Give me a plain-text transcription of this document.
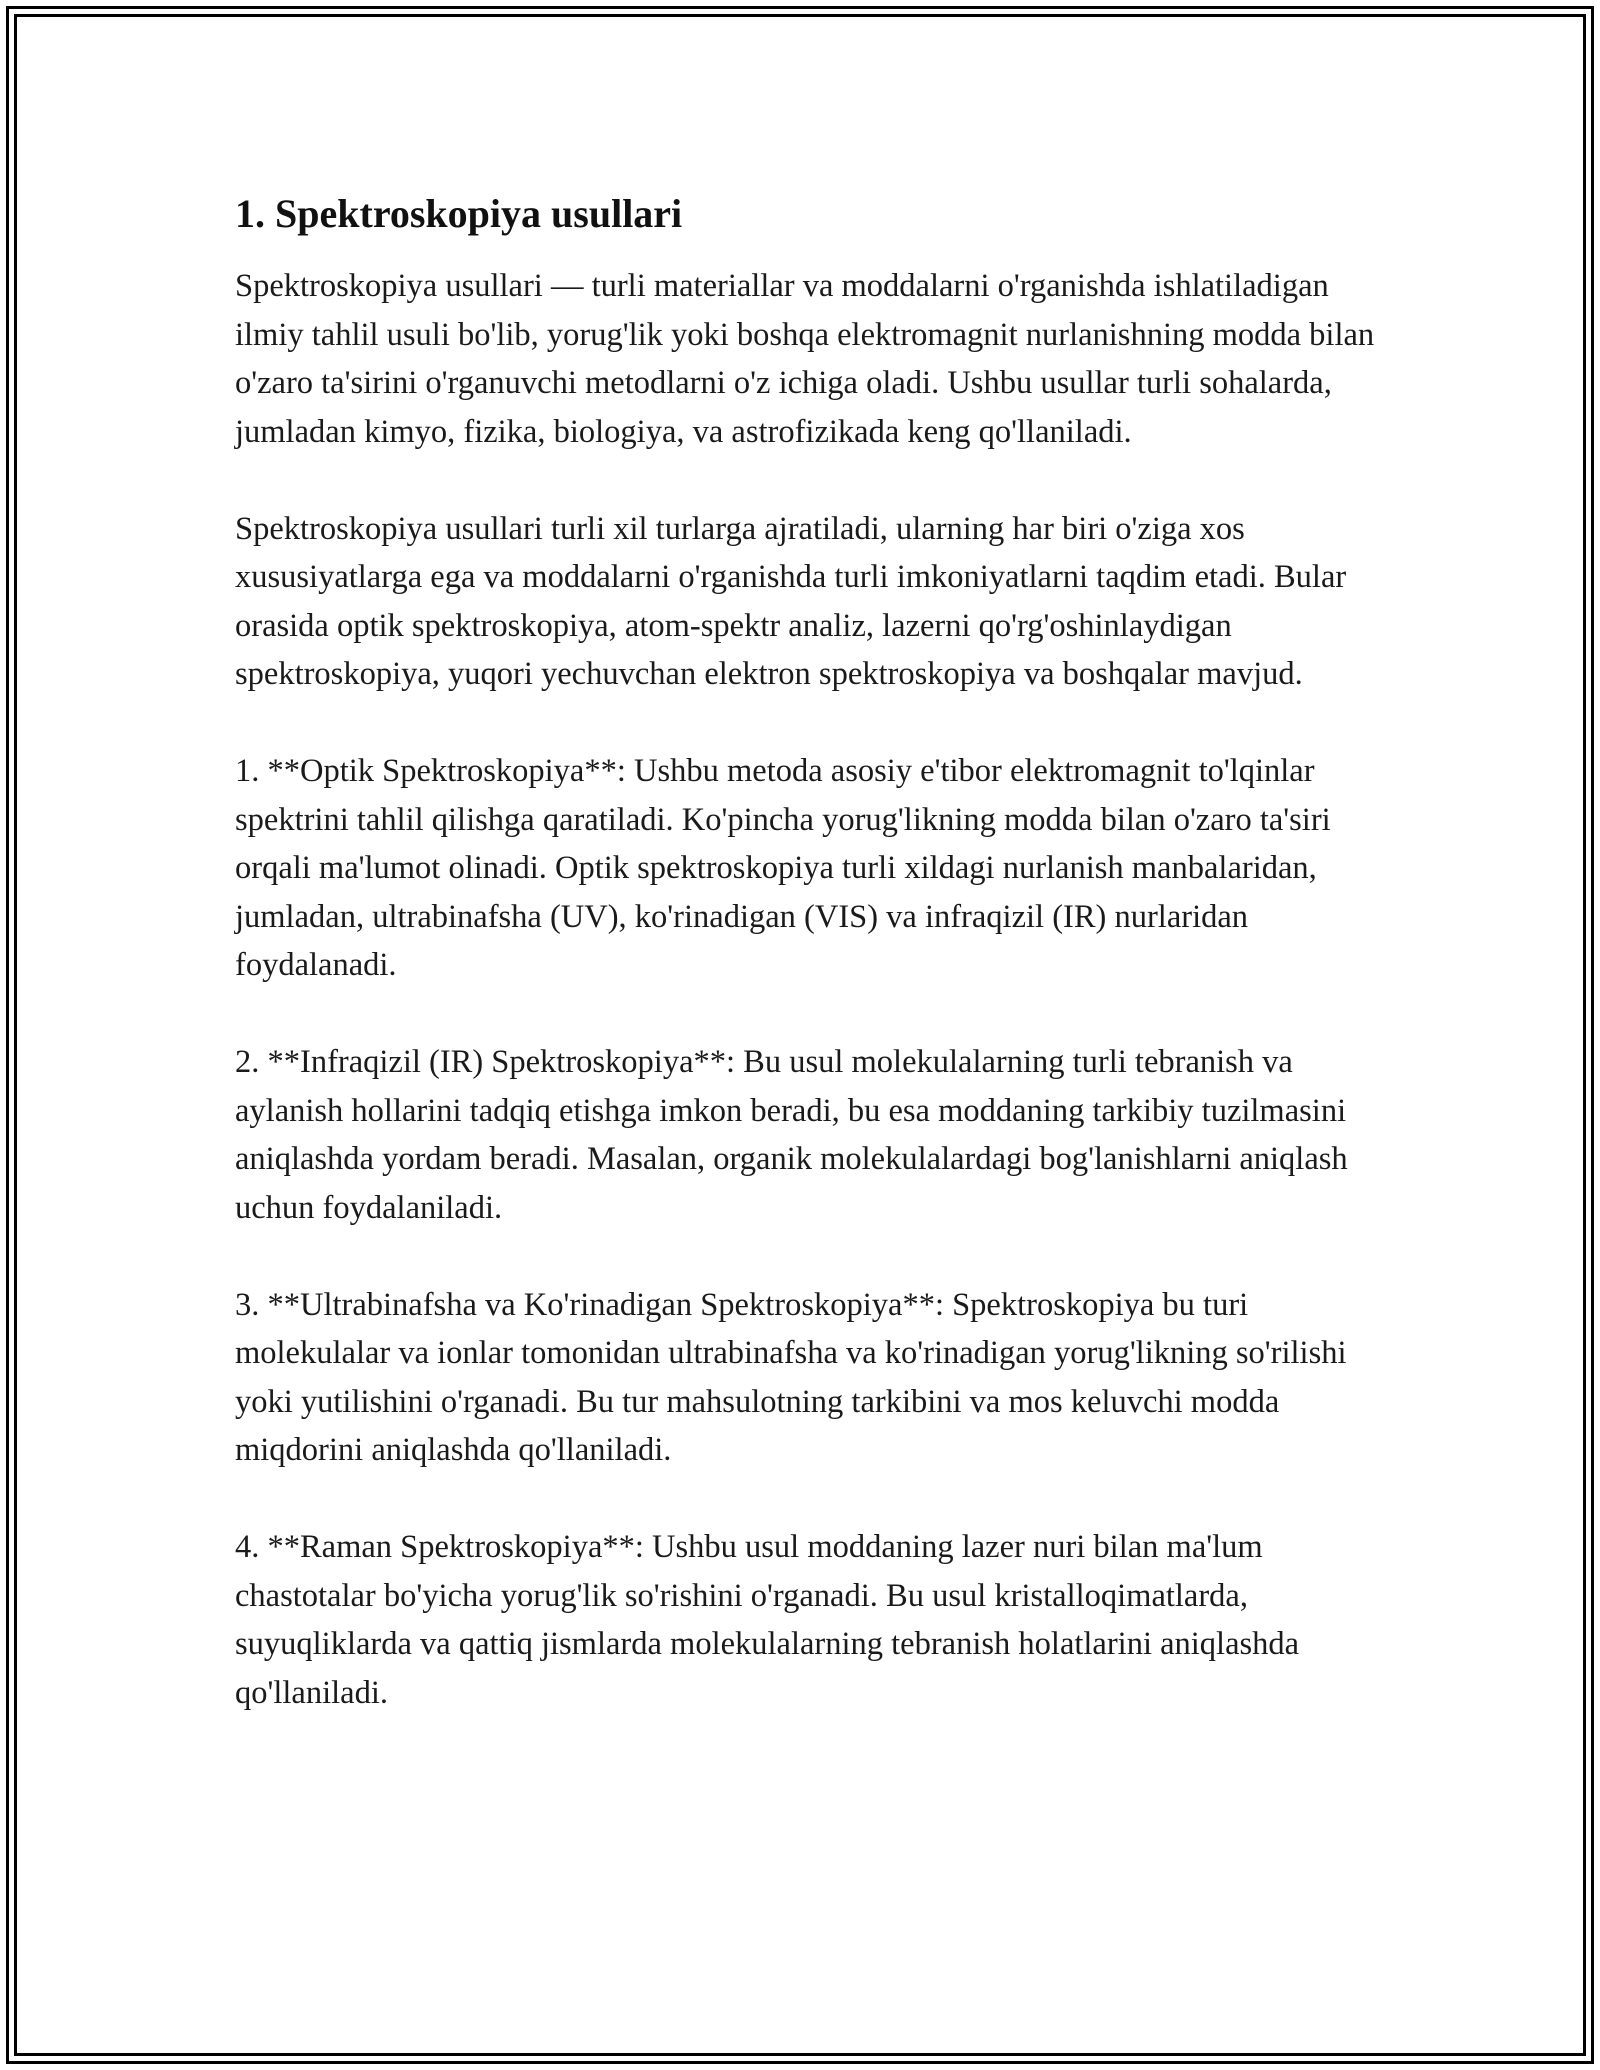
1. Spektroskopiya usullari

Spektroskopiya usullari — turli materiallar va moddalarni o'rganishda ishlatiladigan ilmiy tahlil usuli bo'lib, yorug'lik yoki boshqa elektromagnit nurlanishning modda bilan o'zaro ta'sirini o'rganuvchi metodlarni o'z ichiga oladi. Ushbu usullar turli sohalarda, jumladan kimyo, fizika, biologiya, va astrofizikada keng qo'llaniladi.

Spektroskopiya usullari turli xil turlarga ajratiladi, ularning har biri o'ziga xos xususiyatlarga ega va moddalarni o'rganishda turli imkoniyatlarni taqdim etadi. Bular orasida optik spektroskopiya, atom-spektr analiz, lazerni qo'rg'oshinlaydigan spektroskopiya, yuqori yechuvchan elektron spektroskopiya va boshqalar mavjud.

1. **Optik Spektroskopiya**: Ushbu metoda asosiy e'tibor elektromagnit to'lqinlar spektrini tahlil qilishga qaratiladi. Ko'pincha yorug'likning modda bilan o'zaro ta'siri orqali ma'lumot olinadi. Optik spektroskopiya turli xildagi nurlanish manbalaridan, jumladan, ultrabinafsha (UV), ko'rinadigan (VIS) va infraqizil (IR) nurlaridan foydalanadi.

2. **Infraqizil (IR) Spektroskopiya**: Bu usul molekulalarning turli tebranish va aylanish hollarini tadqiq etishga imkon beradi, bu esa moddaning tarkibiy tuzilmasini aniqlashda yordam beradi. Masalan, organik molekulalardagi bog'lanishlarni aniqlash uchun foydalaniladi.

3. **Ultrabinafsha va Ko'rinadigan Spektroskopiya**: Spektroskopiya bu turi molekulalar va ionlar tomonidan ultrabinafsha va ko'rinadigan yorug'likning so'rilishi yoki yutilishini o'rganadi. Bu tur mahsulotning tarkibini va mos keluvchi modda miqdorini aniqlashda qo'llaniladi.

4. **Raman Spektroskopiya**: Ushbu usul moddaning lazer nuri bilan ma'lum chastotalar bo'yicha yorug'lik so'rishini o'rganadi. Bu usul kristalloqimatlarda, suyuqliklarda va qattiq jismlarda molekulalarning tebranish holatlarini aniqlashda qo'llaniladi.
